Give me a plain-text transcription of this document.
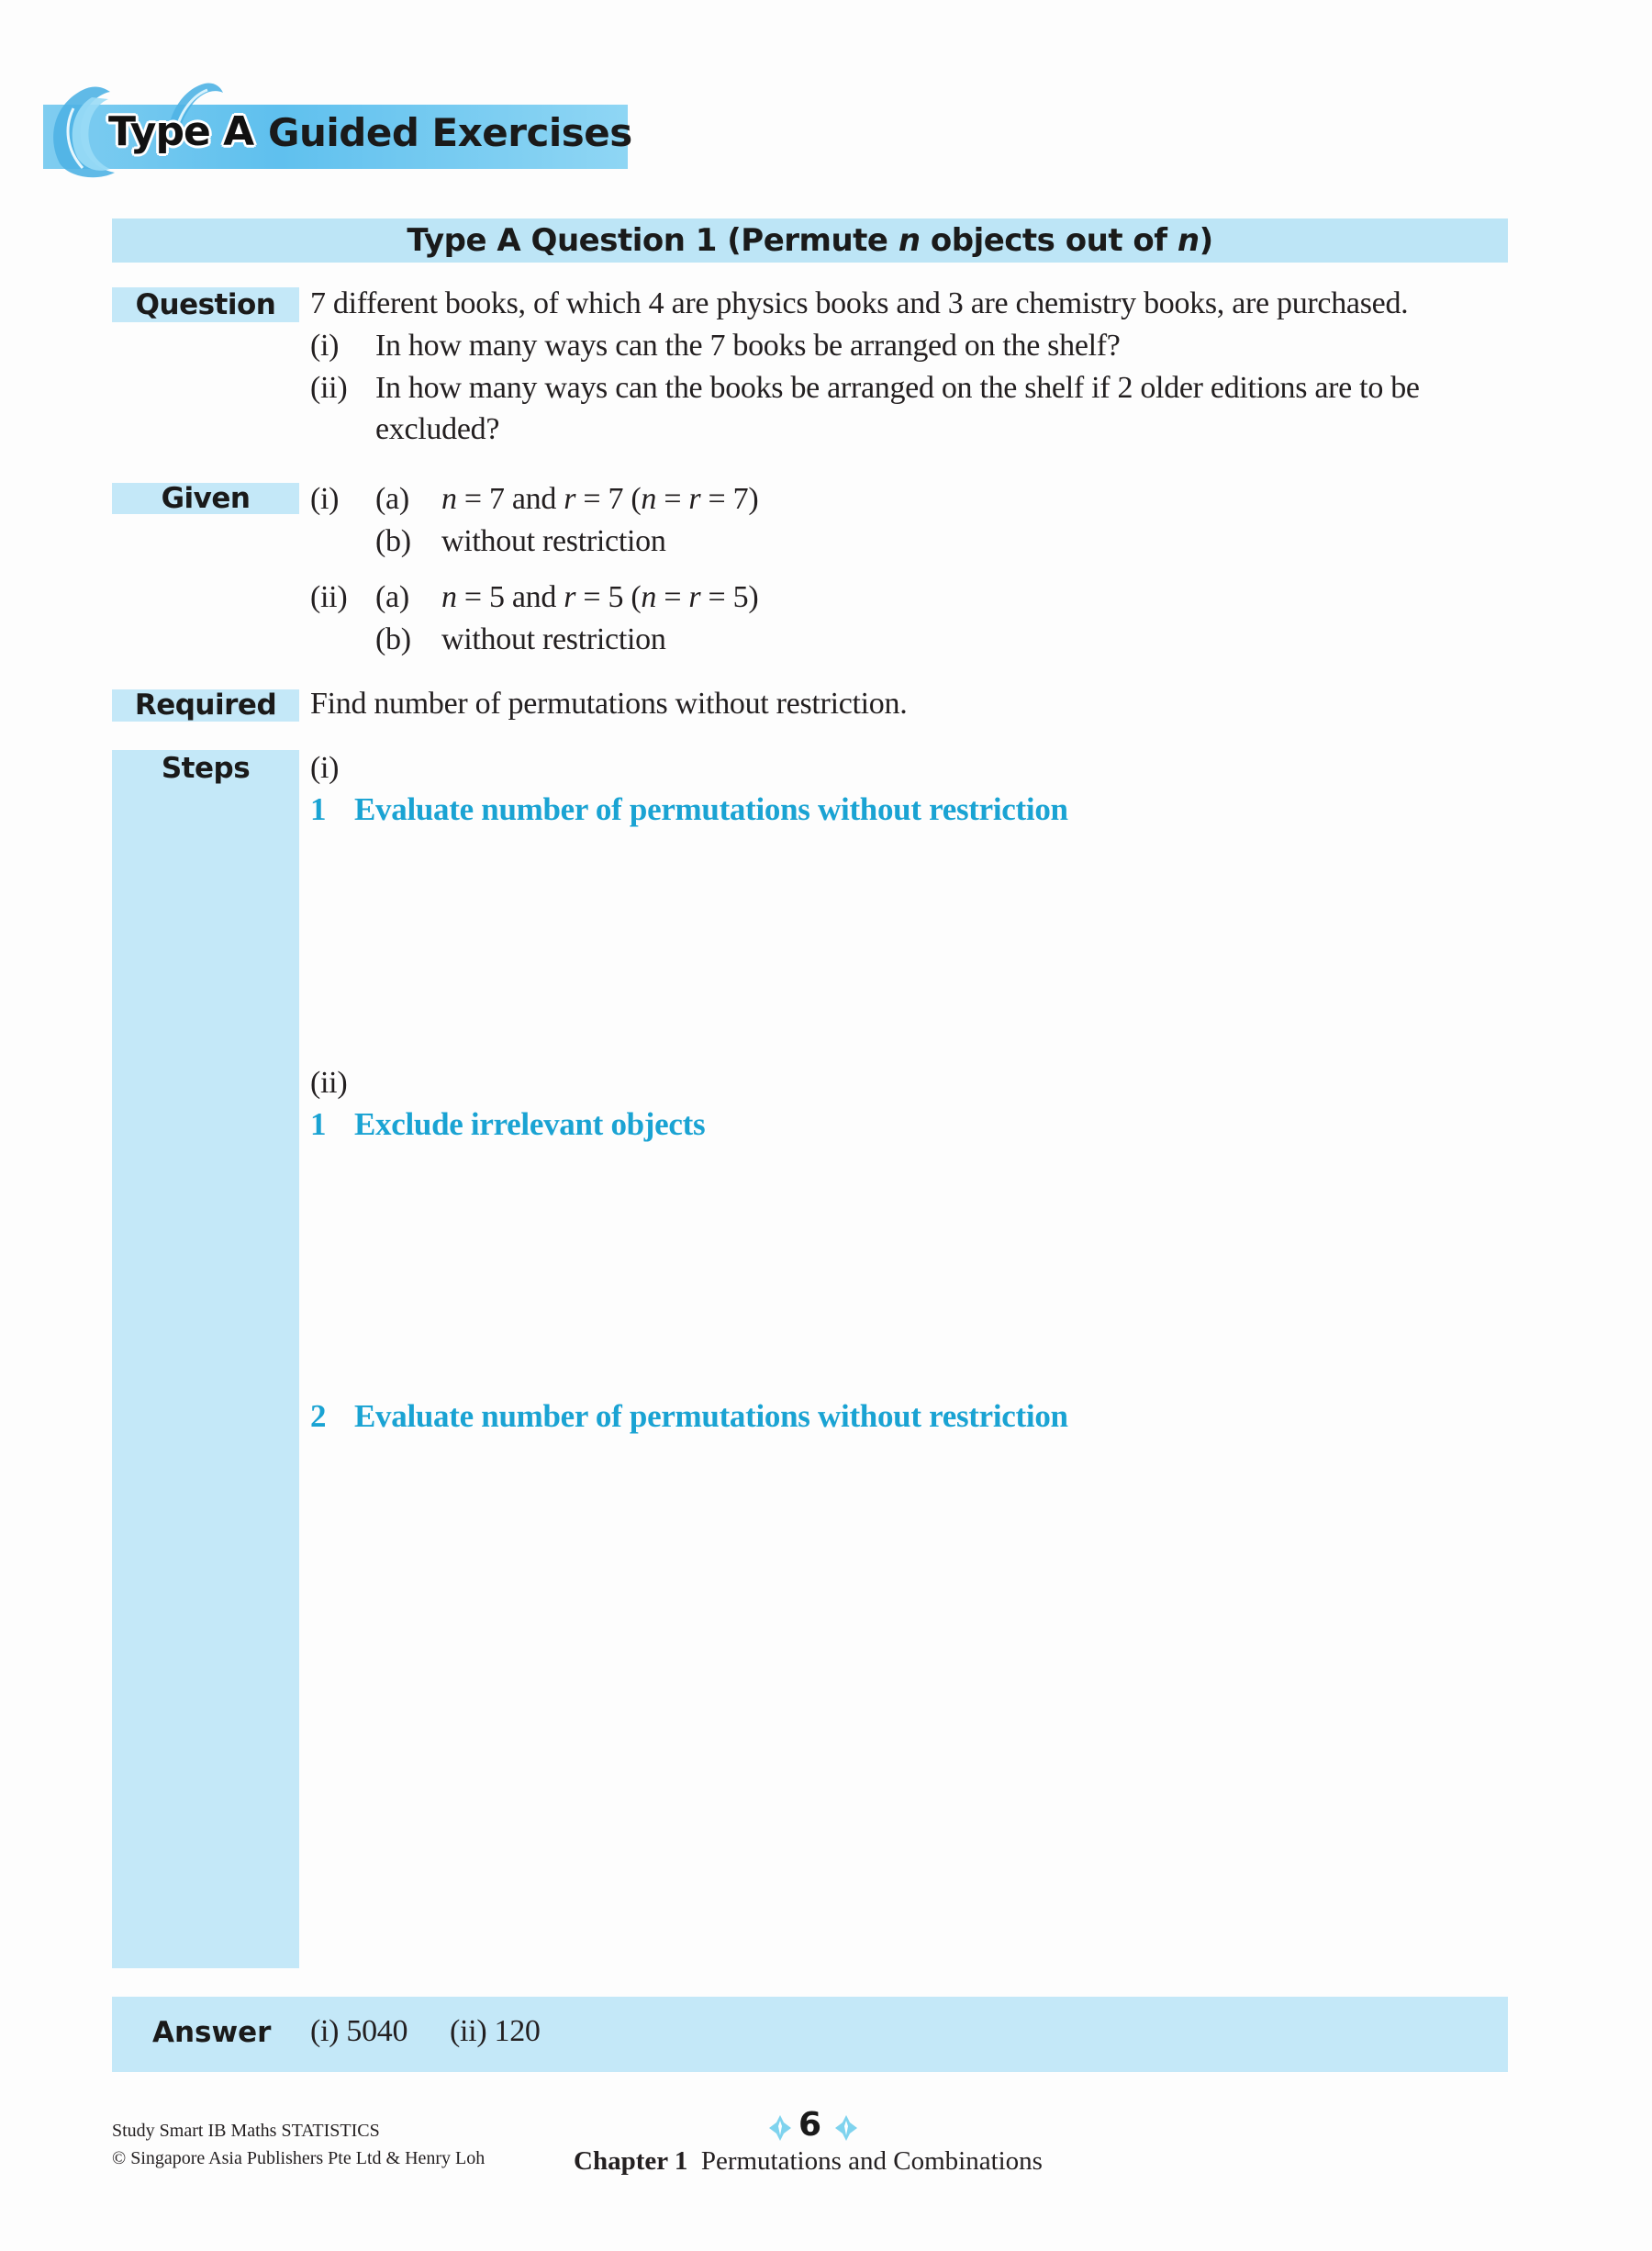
Type A Guided Exercises
Type A Question 1 (Permute n objects out of n)
Question	7 different books, of which 4 are physics books and 3 are chemistry books, are purchased.
(i) In how many ways can the 7 books be arranged on the shelf?
(ii) In how many ways can the books be arranged on the shelf if 2 older editions are to be
excluded?
Given	(i) (a) n = 7 and r = 7 (n = r = 7)
(b) without restriction
(ii) (a) n = 5 and r = 5 (n = r = 5)
(b) without restriction
Required	Find number of permutations without restriction.
Steps	(i)
1 Evaluate number of permutations without restriction
(ii)
1 Exclude irrelevant objects
2 Evaluate number of permutations without restriction
Answer (i) 5040 (ii) 120
Study Smart IB Maths STATISTICS
© Singapore Asia Publishers Pte Ltd & Henry Loh
6
Chapter 1 Permutations and Combinations
